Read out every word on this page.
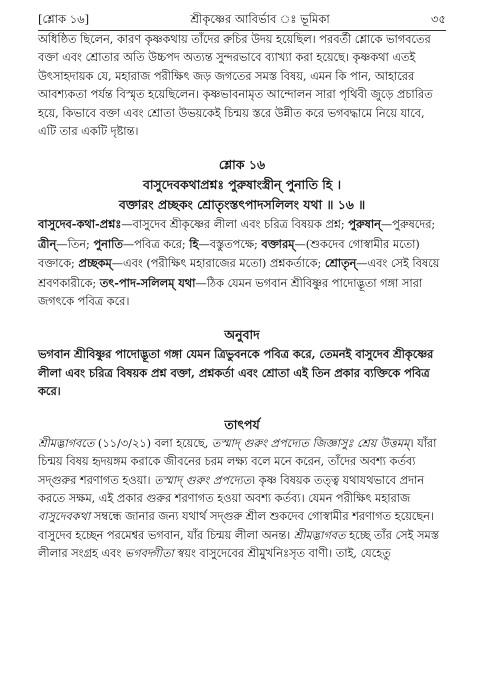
[শ্লোক ১৬]	শ্রীকৃষ্ণের আবির্ভাব ঃ ভূমিকা	৩৫

অধিষ্ঠিত ছিলেন, কারণ কৃষ্ণকথায় তাঁদের রুচির উদয় হয়েছিল। পরবর্তী শ্লোকে ভাগবতের বক্তা এবং শ্রোতার অতি উচ্চপদ অত্যন্ত সুন্দরভাবে ব্যাখ্যা করা হয়েছে। কৃষ্ণকথা এতই উৎসাহদায়ক যে, মহারাজ পরীক্ষিৎ জড় জগতের সমস্ত বিষয়, এমন কি পান, আহারের আবশ্যকতা পর্যন্ত বিস্মৃত হয়েছিলেন। কৃষ্ণভাবনামৃত আন্দোলন সারা পৃথিবী জুড়ে প্রচারিত হয়ে, কিভাবে বক্তা এবং শ্রোতা উভয়কেই চিন্ময় স্তরে উন্নীত করে ভগবদ্ধামে নিয়ে যাবে, এটি তার একটি দৃষ্টান্ত।

শ্লোক ১৬
বাসুদেবকথাপ্রশ্নঃ পুরুষাংস্ত্রীন্ পুনাতি হি ।
বক্তারং প্রচ্ছকং শ্রোতৃংস্তৎপাদসলিলং যথা ॥ ১৬ ॥

বাসুদেব-কথা-প্রশ্নঃ—বাসুদেব শ্রীকৃষ্ণের লীলা এবং চরিত্র বিষয়ক প্রশ্ন; পুরুষান্—পুরুষদের; ত্রীন্—তিন; পুনাতি—পবিত্র করে; হি—বস্তুতপক্ষে; বক্তারম্—(শুকদেব গোস্বামীর মতো) বক্তাকে; প্রচ্ছকম্—এবং (পরীক্ষিৎ মহারাজের মতো) প্রশ্নকর্তাকে; শ্রোতৃন্—এবং সেই বিষয়ে শ্রবণকারীকে; তৎ-পাদ-সলিলম্ যথা—ঠিক যেমন ভগবান শ্রীবিষ্ণুর পাদোদ্ভূতা গঙ্গা সারা জগৎকে পবিত্র করে।

অনুবাদ

ভগবান শ্রীবিষ্ণুর পাদোদ্ভূতা গঙ্গা যেমন ত্রিভুবনকে পবিত্র করে, তেমনই বাসুদেব শ্রীকৃষ্ণের লীলা এবং চরিত্র বিষয়ক প্রশ্ন বক্তা, প্রশ্নকর্তা এবং শ্রোতা এই তিন প্রকার ব্যক্তিকে পবিত্র করে।

তাৎপর্য

শ্রীমদ্ভাগবতে (১১/৩/২১) বলা হয়েছে, তস্মাদ্ গুরুং প্রপদ্যেত জিজ্ঞাসুঃ শ্রেয় উত্তমম্। যাঁরা চিন্ময় বিষয় হৃদয়ঙ্গম করাকে জীবনের চরম লক্ষ্য বলে মনে করেন, তাঁদের অবশ্য কর্তব্য সদ্গুরুর শরণাগত হওয়া। তস্মাদ্ গুরুং প্রপদ্যেত। কৃষ্ণ বিষয়ক তত্ত্ব যথাযথভাবে প্রদান করতে সক্ষম, এই প্রকার গুরুর শরণাগত হওয়া অবশ্য কর্তব্য। যেমন পরীক্ষিৎ মহারাজ বাসুদেবকথা সম্বন্ধে জানার জন্য যথার্থ সদ্গুরু শ্রীল শুকদেব গোস্বামীর শরণাগত হয়েছেন। বাসুদেব হচ্ছেন পরমেশ্বর ভগবান, যাঁর চিন্ময় লীলা অনন্ত। শ্রীমদ্ভাগবত হচ্ছে তাঁর সেই সমস্ত লীলার সংগ্রহ এবং ভগবদ্গীতা স্বয়ং বাসুদেবের শ্রীমুখনিঃসৃত বাণী। তাই, যেহেতু
